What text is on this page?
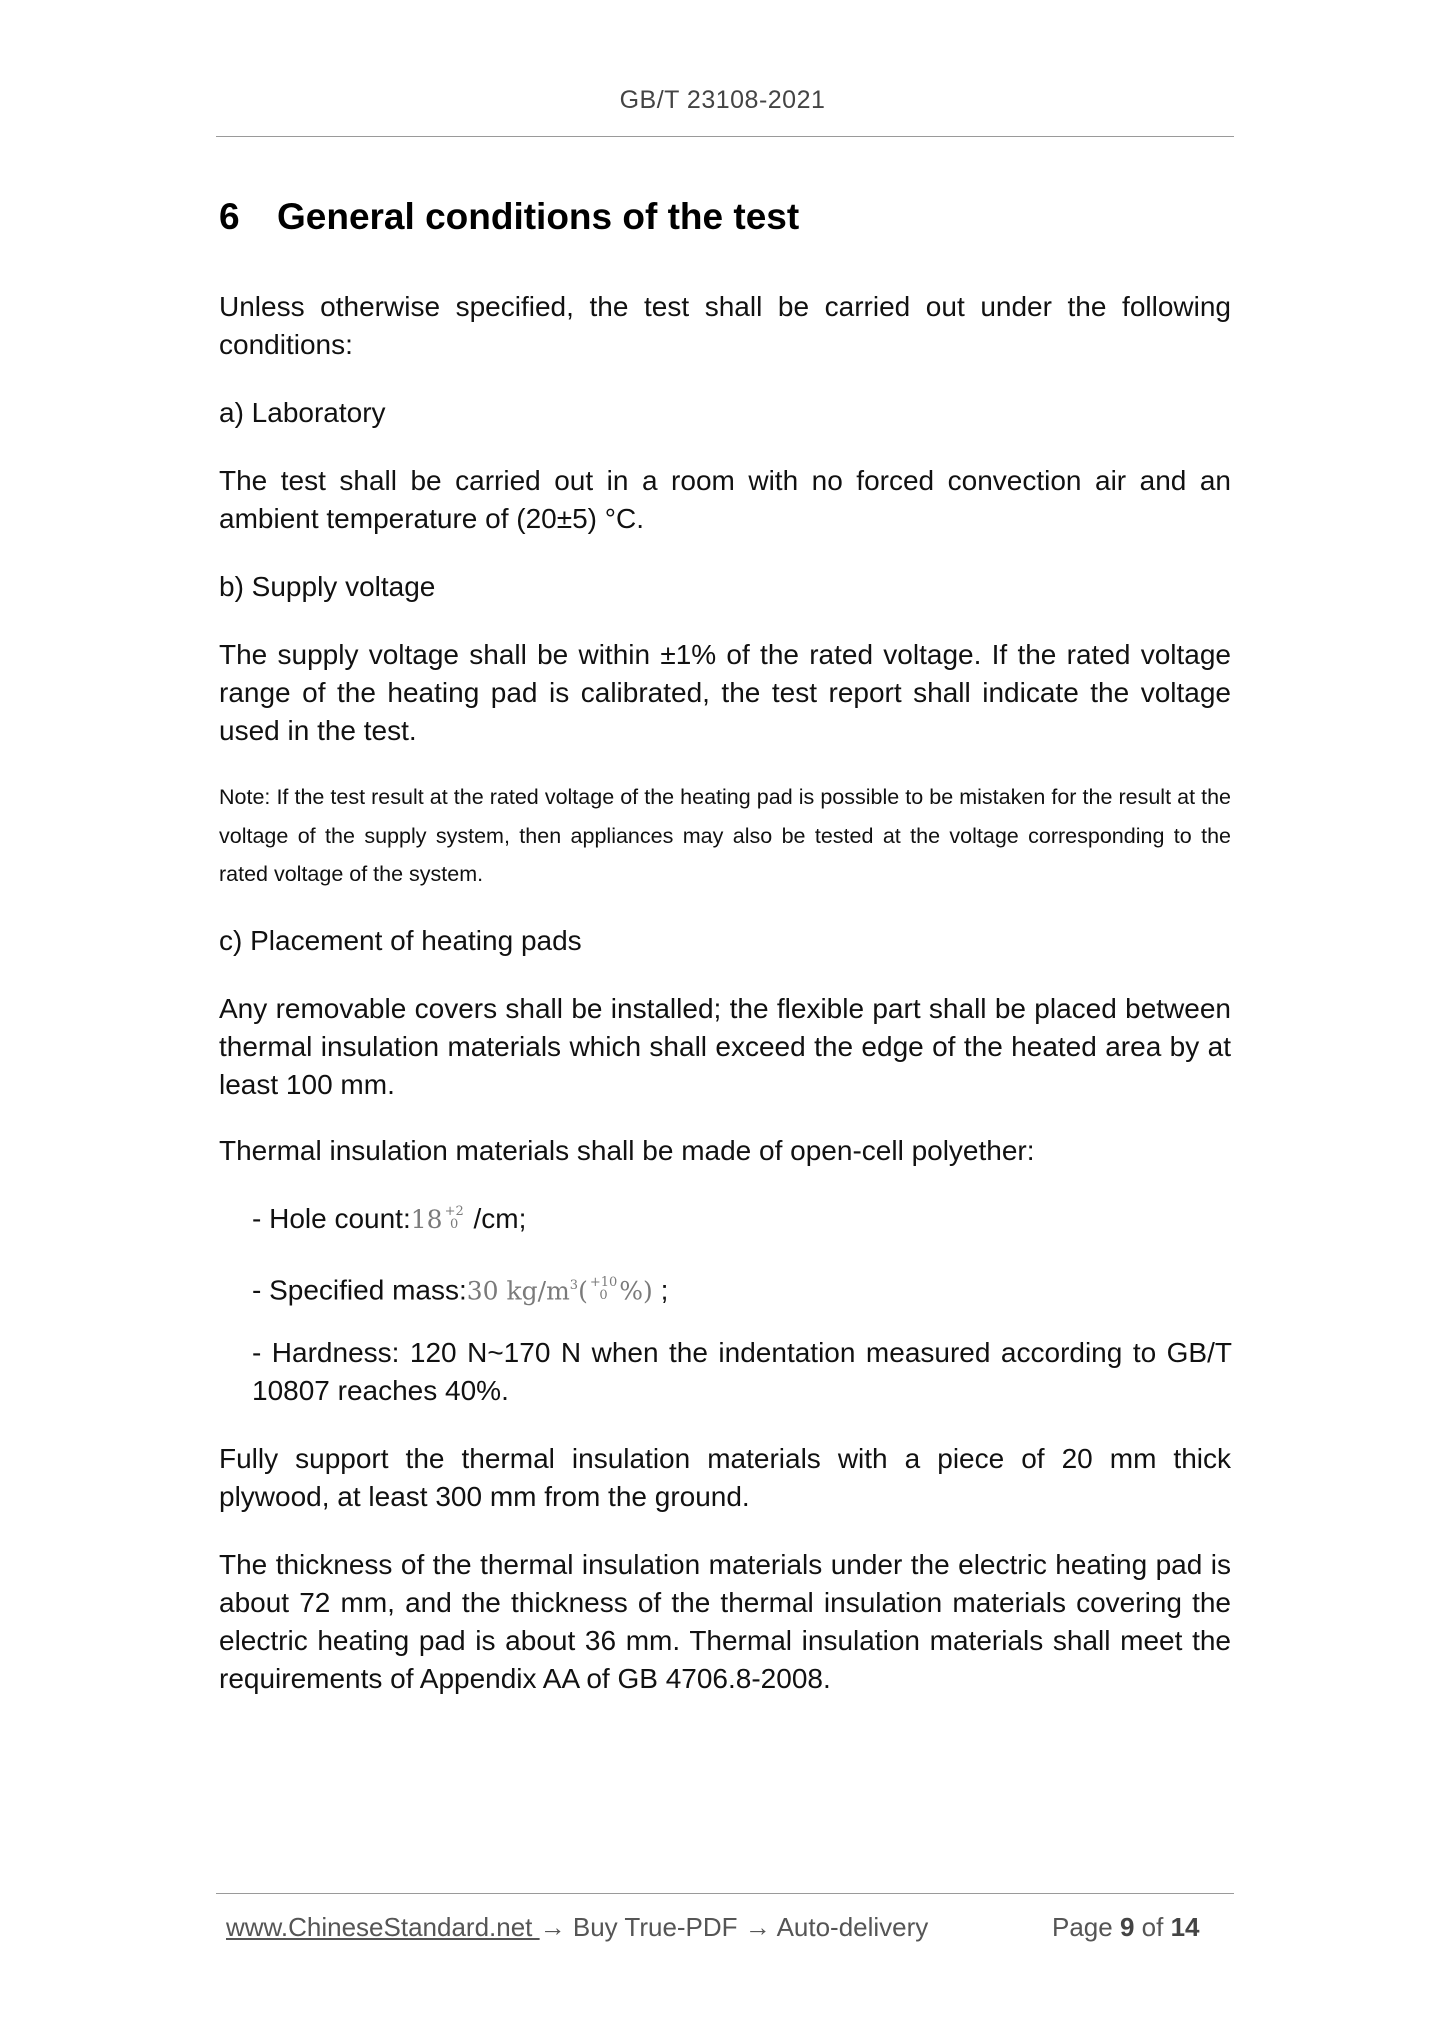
GB/T 23108-2021
6 General conditions of the test
Unless otherwise specified, the test shall be carried out under the following conditions:
a) Laboratory
The test shall be carried out in a room with no forced convection air and an ambient temperature of (20±5) °C.
b) Supply voltage
The supply voltage shall be within ±1% of the rated voltage. If the rated voltage range of the heating pad is calibrated, the test report shall indicate the voltage used in the test.
Note: If the test result at the rated voltage of the heating pad is possible to be mistaken for the result at the voltage of the supply system, then appliances may also be tested at the voltage corresponding to the rated voltage of the system.
c) Placement of heating pads
Any removable covers shall be installed; the flexible part shall be placed between thermal insulation materials which shall exceed the edge of the heated area by at least 100 mm.
Thermal insulation materials shall be made of open-cell polyether:
- Hole count:18 +2
0 /cm;
- Specified mass:30 $kg/m^3( +10$
0 %) ;
- Hardness: 120 N~170 N when the indentation measured according to GB/T 10807 reaches 40%.
Fully support the thermal insulation materials with a piece of 20 mm thick plywood, at least 300 mm from the ground.
The thickness of the thermal insulation materials under the electric heating pad is about 72 mm, and the thickness of the thermal insulation materials covering the electric heating pad is about 36 mm. Thermal insulation materials shall meet the requirements of Appendix AA of GB 4706.8-2008.
www.ChineseStandard.net → Buy True-PDF → Auto-delivery	Page 9 of 14
